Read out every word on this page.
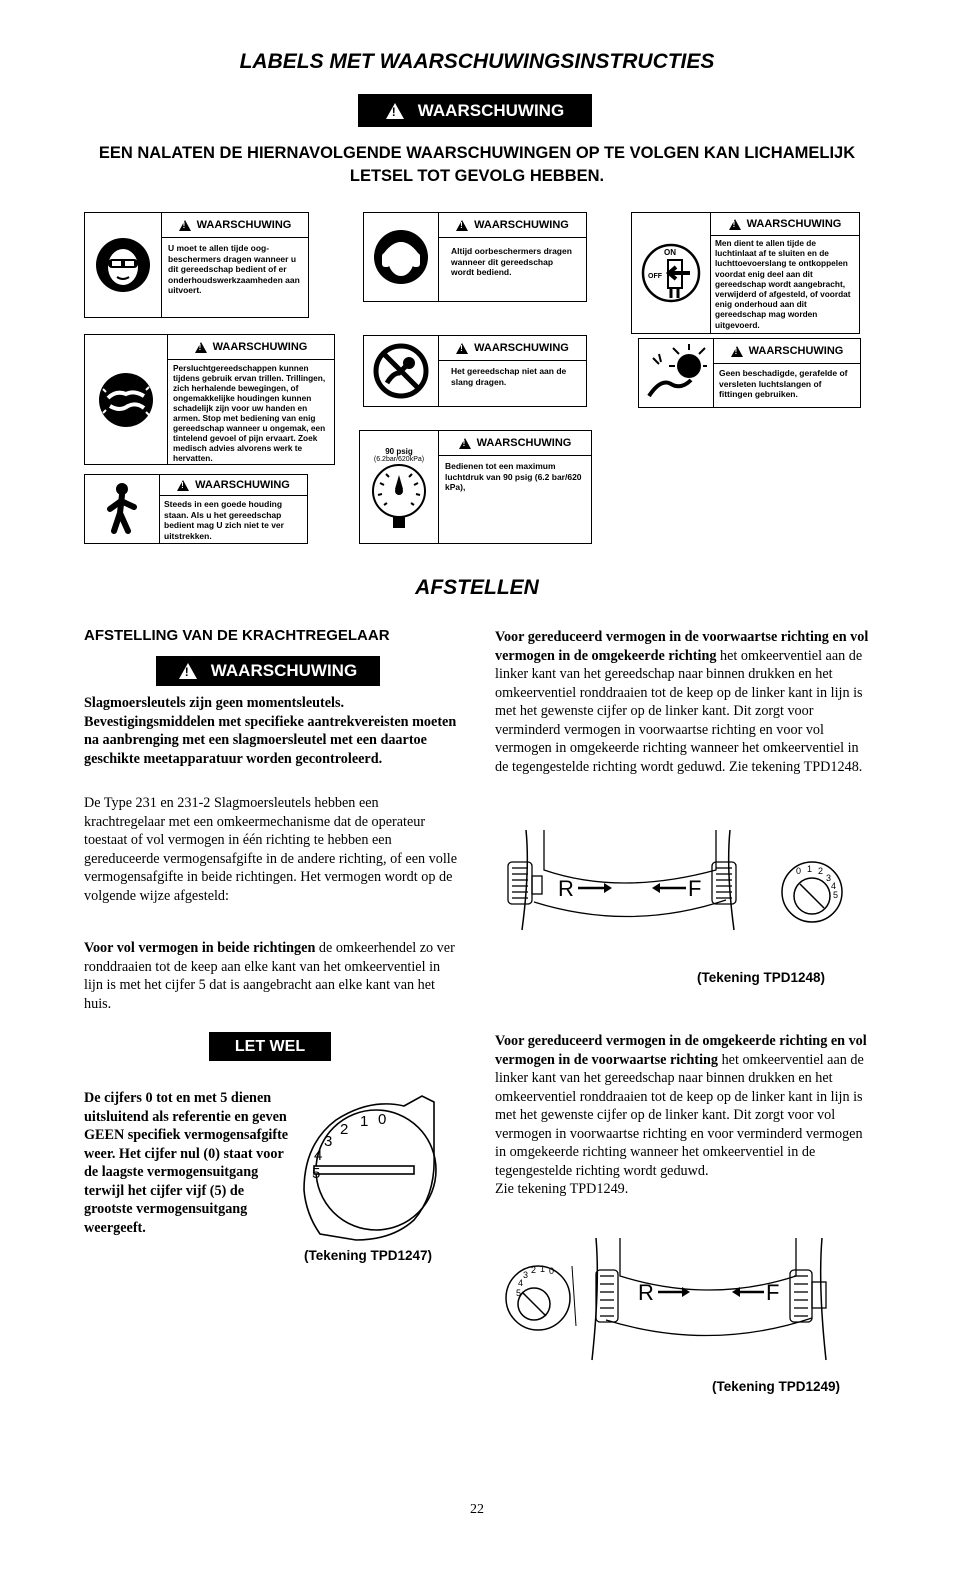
LABELS MET WAARSCHUWINGSINSTRUCTIES
!
WAARSCHUWING
EEN NALATEN DE HIERNAVOLGENDE WAARSCHUWINGEN OP TE VOLGEN KAN LICHAMELIJK LETSEL TOT GEVOLG HEBBEN.
!
WAARSCHUWING
U moet te allen tijde oog-beschermers dragen wanneer u dit gereedschap bedient of er onderhoudswerkzaamheden aan uitvoert.
!
WAARSCHUWING
Persluchtgereedschappen kunnen tijdens gebruik ervan trillen. Trillingen, zich herhalende bewegingen, of ongemakkelijke houdingen kunnen schadelijk zijn voor uw handen en armen. Stop met bediening van enig gereedschap wanneer u ongemak, een tintelend gevoel of pijn ervaart. Zoek medisch advies alvorens werk te hervatten.
!
WAARSCHUWING
Steeds in een goede houding staan. Als u het gereedschap bedient mag U zich niet te ver uitstrekken.
!
WAARSCHUWING
Altijd oorbeschermers dragen wanneer dit gereedschap wordt bediend.
!
WAARSCHUWING
Het gereedschap niet aan de slang dragen.
90 psig
(6.2bar/620kPa)
!
WAARSCHUWING
Bedienen tot een maximum luchtdruk van 90 psig (6.2 bar/620 kPa),
ON
OFF
!
WAARSCHUWING
Men dient te allen tijde de luchtinlaat af te sluiten en de luchttoevoerslang te ontkoppelen voordat enig deel aan dit gereedschap wordt aangebracht, verwijderd of afgesteld, of voordat enig onderhoud aan dit gereedschap mag worden uitgevoerd.
!
WAARSCHUWING
Geen beschadigde, gerafelde of versleten luchtslangen of fittingen gebruiken.
AFSTELLEN
AFSTELLING VAN DE KRACHTREGELAAR
!
WAARSCHUWING
Slagmoersleutels zijn geen momentsleutels. Bevestigingsmiddelen met specifieke aantrekvereisten moeten na aanbrenging met een slagmoersleutel met een daartoe geschikte meetapparatuur worden gecontroleerd.
De Type 231 en 231-2 Slagmoersleutels hebben een krachtregelaar met een omkeermechanisme dat de operateur toestaat of vol vermogen in één richting te hebben een gereduceerde vermogensafgifte in de andere richting, of een volle vermogensafgifte in beide richtingen. Het vermogen wordt op de volgende wijze afgesteld:
Voor vol vermogen in beide richtingen de omkeerhendel zo ver ronddraaien tot de keep aan elke kant van het omkeerventiel in lijn is met het cijfer 5 dat is aangebracht aan elke kant van het huis.
LET WEL
De cijfers 0 tot en met 5 dienen uitsluitend als referentie en geven GEEN specifiek vermogensafgifte weer. Het cijfer nul (0) staat voor de laagste vermogensuitgang terwijl het cijfer vijf (5) de grootste vermogensuitgang weergeeft.
0
1
2
3
4
5
(Tekening TPD1247)
Voor gereduceerd vermogen in de voorwaartse richting en vol vermogen in de omgekeerde richting het omkeerventiel aan de linker kant van het gereedschap naar binnen drukken en het omkeerventiel ronddraaien tot de keep op de linker kant in lijn is met het gewenste cijfer op de linker kant. Dit zorgt voor verminderd vermogen in voorwaartse richting en voor vol vermogen in omgekeerde richting wanneer het omkeerventiel in de tegengestelde richting wordt geduwd. Zie tekening TPD1248.
R	F
0 1 2
3
4
5
(Tekening TPD1248)
Voor gereduceerd vermogen in de omgekeerde richting en vol vermogen in de voorwaartse richting het omkeerventiel aan de linker kant van het gereedschap naar binnen drukken en het omkeerventiel ronddraaien tot de keep op de linker kant in lijn is met het gewenste cijfer op de linker kant. Dit zorgt voor vol vermogen in voorwaartse richting en voor verminderd vermogen in omgekeerde richting wanneer het omkeerventiel in de tegengestelde richting wordt geduwd.
Zie tekening TPD1249.
5
4
3 2 1 0
R	F
(Tekening TPD1249)
22
